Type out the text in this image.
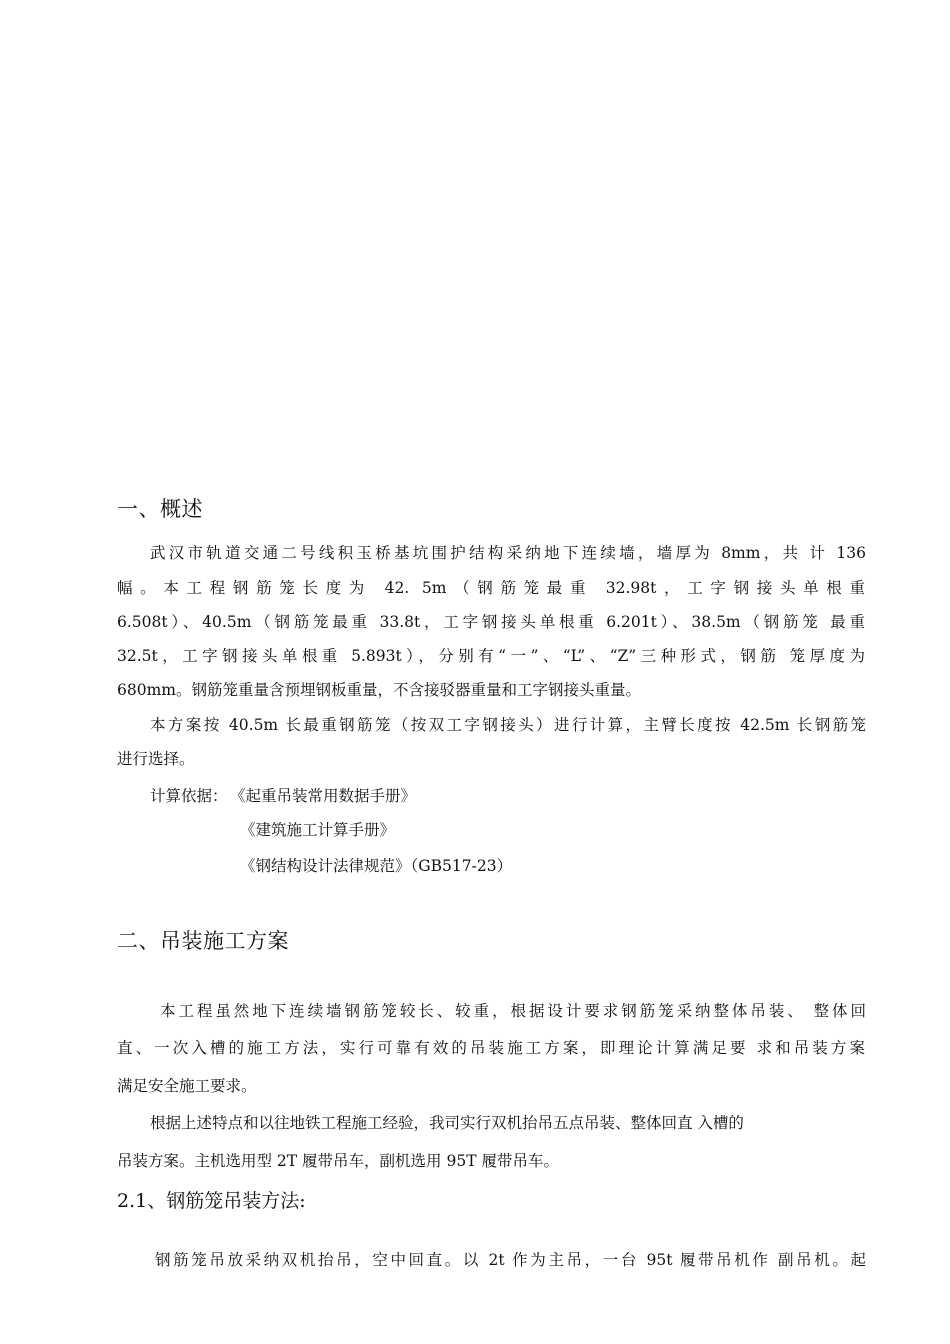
一、概述
武汉市轨道交通二号线积玉桥基坑围护结构采纳地下连续墙，墙厚为 8mm，共 计 136
幅。本工程钢筋笼长度为 42. 5m（钢筋笼最重 32.98t，工字钢接头单根重
6.508t）、40.5m（钢筋笼最重 33.8t，工字钢接头单根重 6.201t）、38.5m（钢筋笼 最重
32.5t，工字钢接头单根重 5.893t），分别有“一”、“L”、“Z”三种形式，钢筋 笼厚度为
680mm。钢筋笼重量含预埋钢板重量，不含接驳器重量和工字钢接头重量。
本方案按 40.5m 长最重钢筋笼（按双工字钢接头）进行计算，主臂长度按 42.5m 长钢筋笼
进行选择。
计算依据： 《起重吊装常用数据手册》
《建筑施工计算手册》
《钢结构设计法律规范》（GB517-23）
二、吊装施工方案
本工程虽然地下连续墙钢筋笼较长、较重，根据设计要求钢筋笼采纳整体吊装、 整体回
直、一次入槽的施工方法，实行可靠有效的吊装施工方案，即理论计算满足要 求和吊装方案
满足安全施工要求。
根据上述特点和以往地铁工程施工经验，我司实行双机抬吊五点吊装、整体回直 入槽的
吊装方案。主机选用型 2T 履带吊车，副机选用 95T 履带吊车。
2.1、钢筋笼吊装方法:
钢筋笼吊放采纳双机抬吊，空中回直。以 2t 作为主吊，一台 95t 履带吊机作 副吊机。起
